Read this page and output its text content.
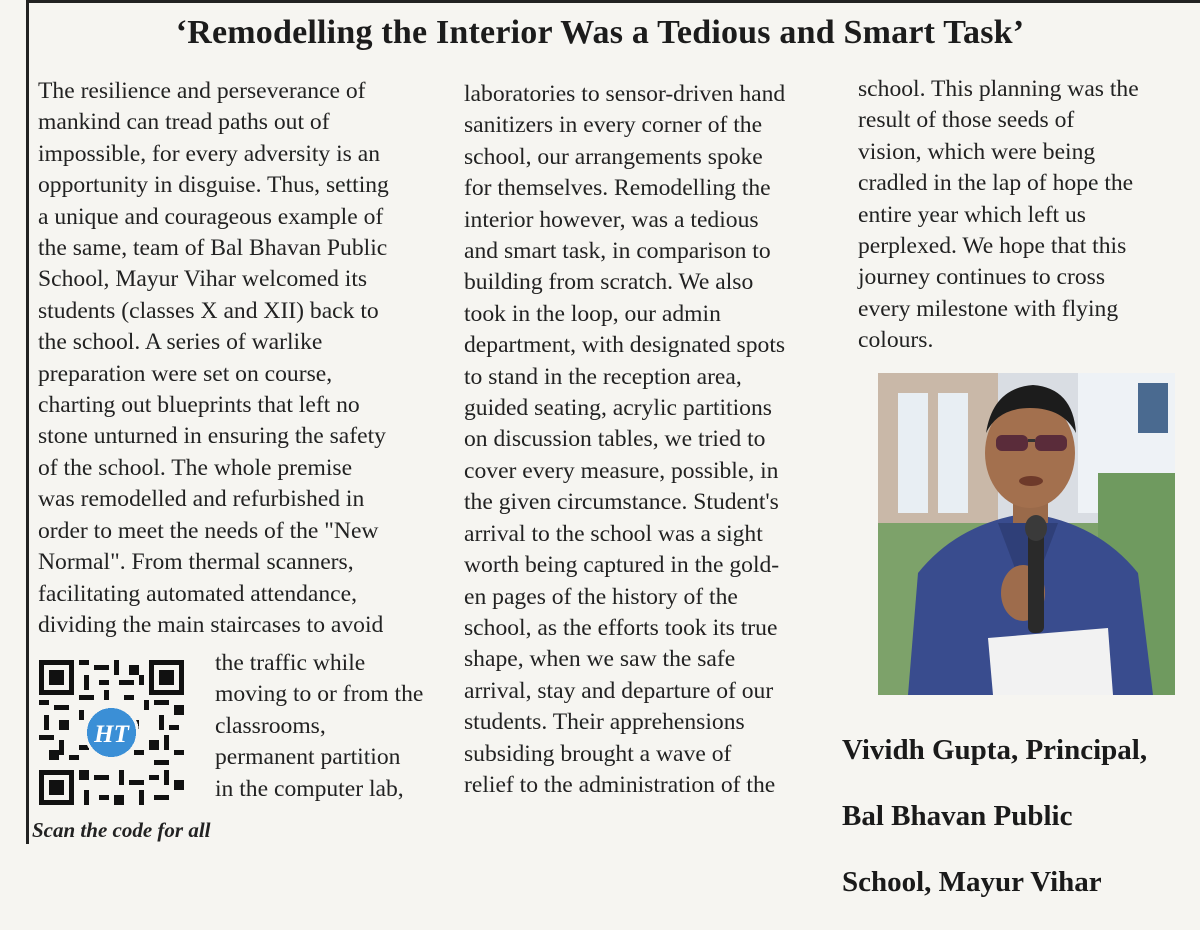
‘Remodelling the Interior Was a Tedious and Smart Task’

The resilience and perseverance of

mankind can tread paths out of

impossible, for every adversity is an

opportunity in disguise. Thus, setting

a unique and courageous example of

the same, team of Bal Bhavan Public

School, Mayur Vihar welcomed its

students (classes X and XII) back to

the school. A series of warlike

preparation were set on course,

charting out blueprints that left no

stone unturned in ensuring the safety

of the school. The whole premise

was remodelled and refurbished in

order to meet the needs of the "New

Normal". From thermal scanners,

facilitating automated attendance,

dividing the main staircases to avoid

the traffic while

moving to or from the

classrooms,

permanent partition

in the computer lab,

laboratories to sensor-driven hand

sanitizers in every corner of the

school, our arrangements spoke

for themselves. Remodelling the

interior however, was a tedious

and smart task, in comparison to

building from scratch. We also

took in the loop, our admin

department, with designated spots

to stand in the reception area,

guided seating, acrylic partitions

on discussion tables, we tried to

cover every measure, possible, in

the given circumstance. Student's

arrival to the school was a sight

worth being captured in the gold-

en pages of the history of the

school, as the efforts took its true

shape, when we saw the safe

arrival, stay and departure of our

students. Their apprehensions

subsiding brought a wave of

relief to the administration of the

school. This planning was the

result of those seeds of

vision, which were being

cradled in the lap of hope the

entire year which left us

perplexed. We hope that this

journey continues to cross

every milestone with flying

colours.

HT
Scan the code for all

Vividh Gupta, Principal,

Bal Bhavan Public

School, Mayur Vihar
